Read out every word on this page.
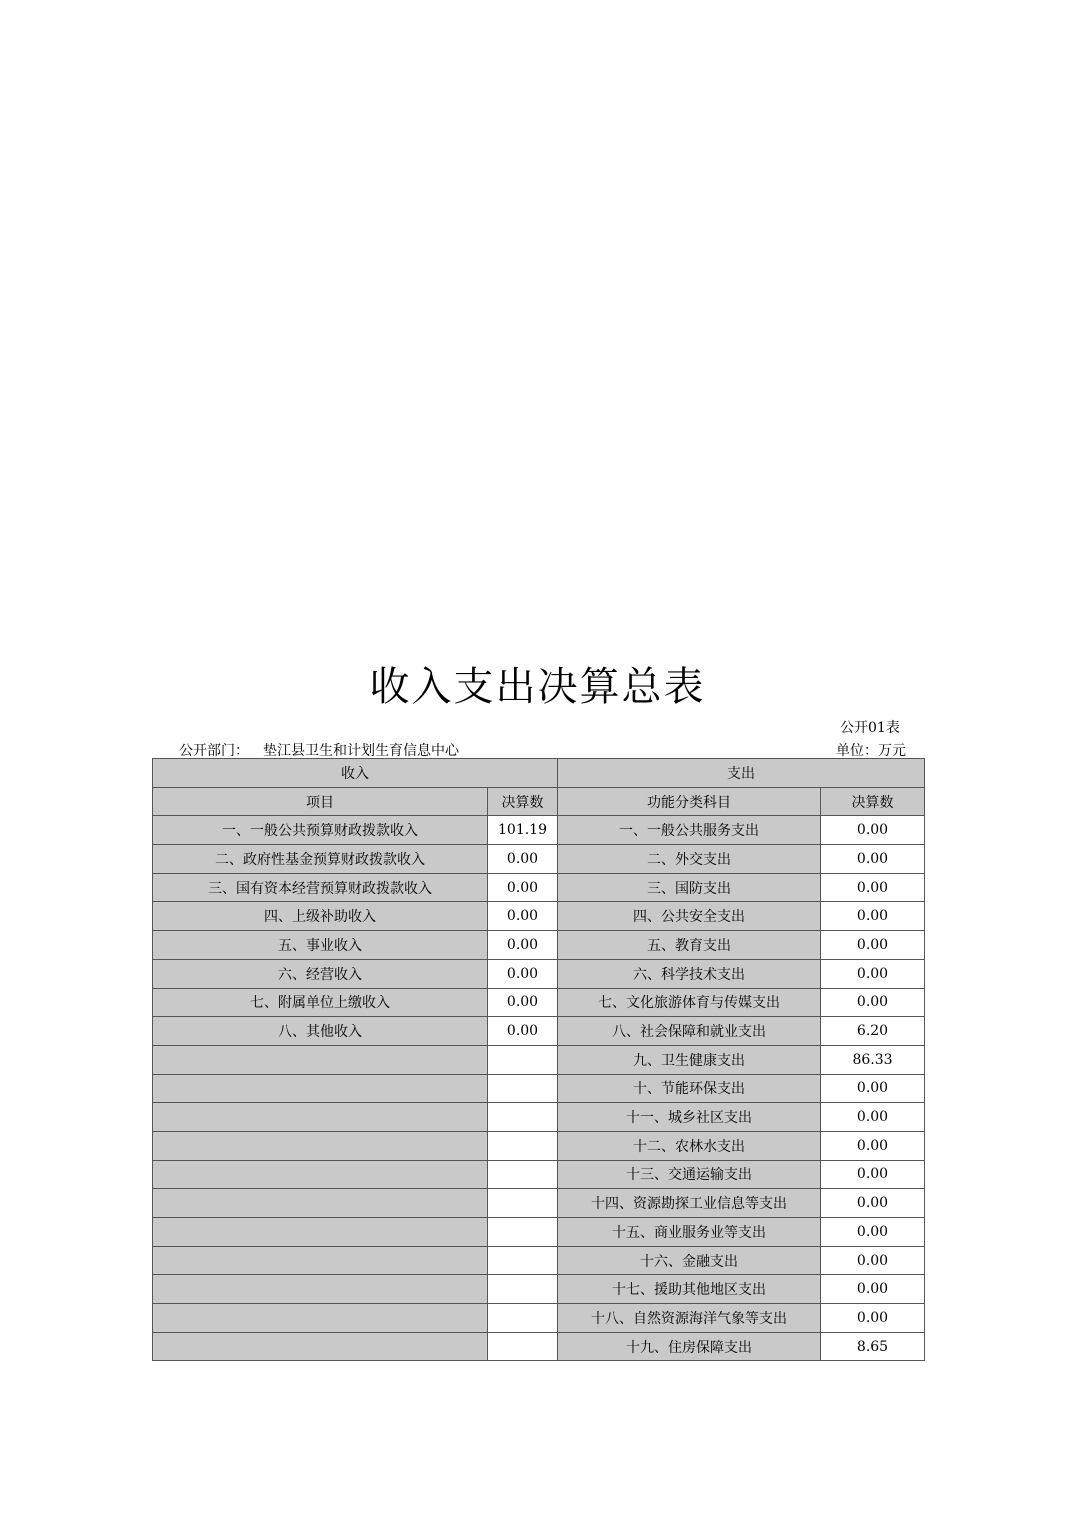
收入支出决算总表
公开01表
公开部门： 垫江县卫生和计划生育信息中心	单位：万元
收入		支出	
项目	决算数	功能分类科目	决算数
一、一般公共预算财政拨款收入	101.19	一、一般公共服务支出	0.00
二、政府性基金预算财政拨款收入	0.00	二、外交支出	0.00
三、国有资本经营预算财政拨款收入	0.00	三、国防支出	0.00
四、上级补助收入	0.00	四、公共安全支出	0.00
五、事业收入	0.00	五、教育支出	0.00
六、经营收入	0.00	六、科学技术支出	0.00
七、附属单位上缴收入	0.00	七、文化旅游体育与传媒支出	0.00
八、其他收入	0.00	八、社会保障和就业支出	6.20
		九、卫生健康支出	86.33
		十、节能环保支出	0.00
		十一、城乡社区支出	0.00
		十二、农林水支出	0.00
		十三、交通运输支出	0.00
		十四、资源勘探工业信息等支出	0.00
		十五、商业服务业等支出	0.00
		十六、金融支出	0.00
		十七、援助其他地区支出	0.00
		十八、自然资源海洋气象等支出	0.00
		十九、住房保障支出	8.65
